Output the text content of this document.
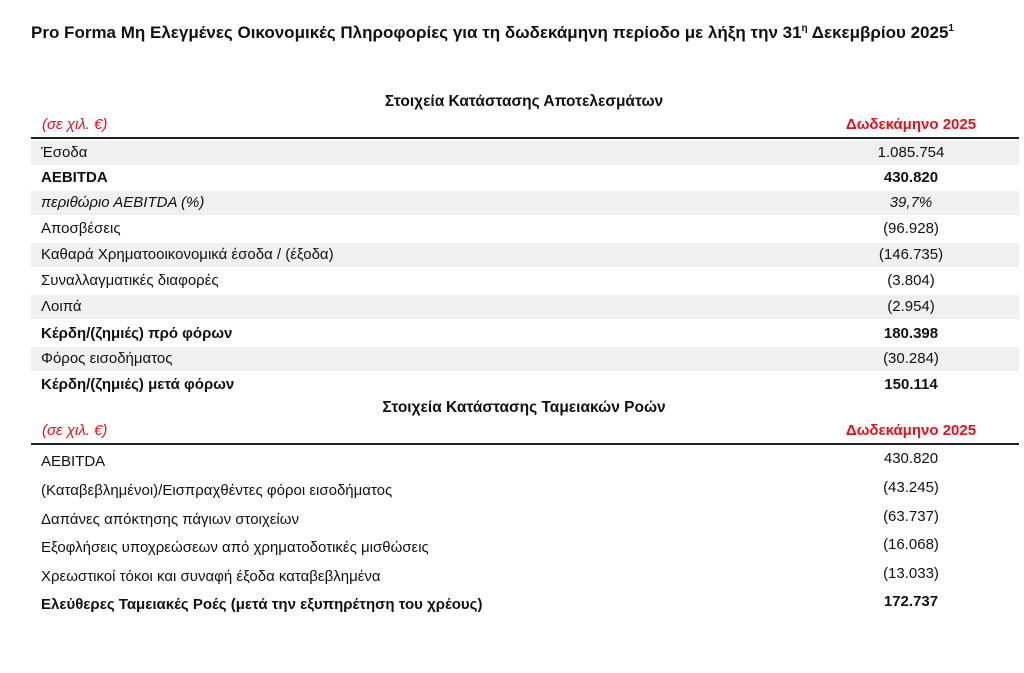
Pro Forma Μη Ελεγμένες Οικονομικές Πληροφορίες για τη δωδεκάμηνη περίοδο με λήξη την $31^\eta$ Δεκεμβρίου 2025$^1$
Στοιχεία Κατάστασης Αποτελεσμάτων
(σε χιλ. €)	Δωδεκάμηνο 2025
Έσοδα	1.085.754
ΑΕΒΙΤDΑ	430.820
περιθώριο ΑΕΒΙΤDΑ (%)	39,7%
Αποσβέσεις	(96.928)
Καθαρά Χρηματοοικονομικά έσοδα / (έξοδα)	(146.735)
Συναλλαγματικές διαφορές	(3.804)
Λοιπά	(2.954)
Κέρδη/(ζημιές) πρό φόρων	180.398
Φόρος εισοδήματος	(30.284)
Κέρδη/(ζημιές) μετά φόρων	150.114
Στοιχεία Κατάστασης Ταμειακών Ροών
(σε χιλ. €)	Δωδεκάμηνο 2025
ΑΕΒΙΤDΑ	430.820
(Καταβεβλημένοι)/Εισπραχθέντες φόροι εισοδήματος	(43.245)
Δαπάνες απόκτησης πάγιων στοιχείων	(63.737)
Εξοφλήσεις υποχρεώσεων από χρηματοδοτικές μισθώσεις	(16.068)
Χρεωστικοί τόκοι και συναφή έξοδα καταβεβλημένα	(13.033)
Ελεύθερες Ταμειακές Ροές (μετά την εξυπηρέτηση του χρέους)	172.737
